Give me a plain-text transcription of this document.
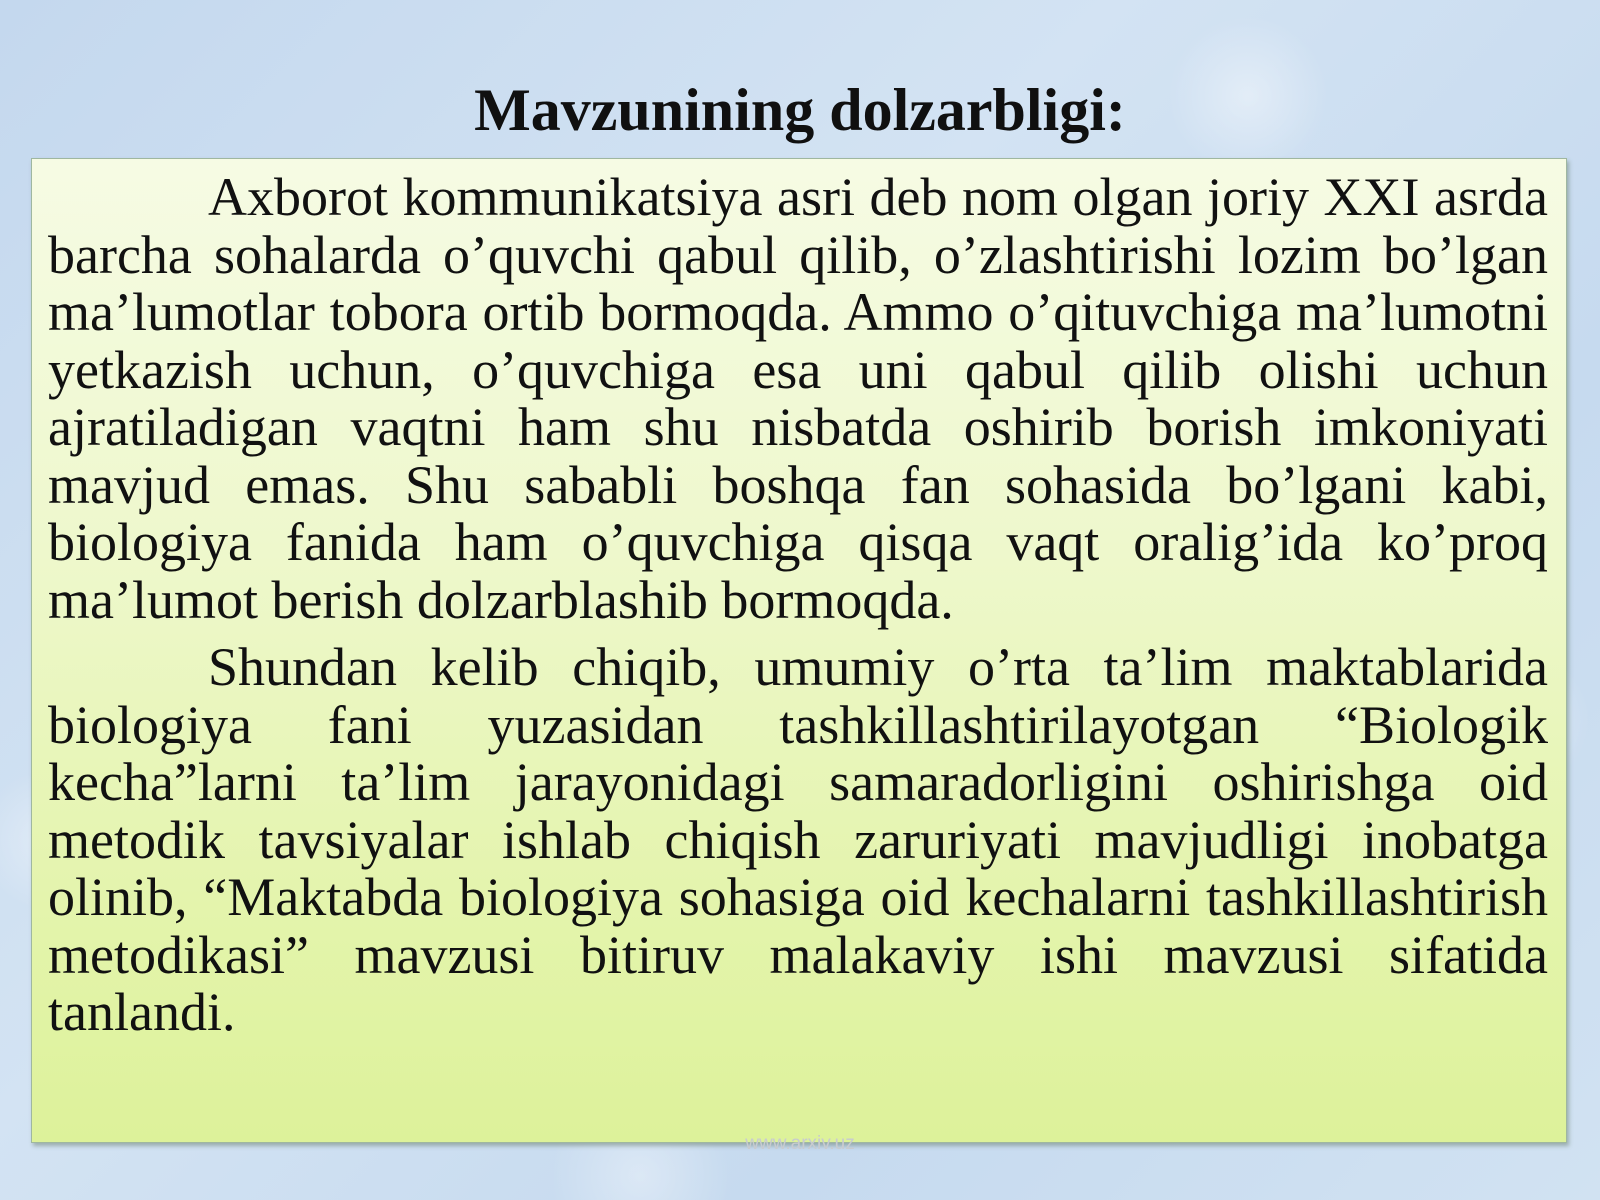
Mavzunining dolzarbligi:

Axborot kommunikatsiya asri deb nom olgan joriy XXI asrda barcha sohalarda o’quvchi qabul qilib, o’zlashtirishi lozim bo’lgan ma’lumotlar tobora ortib bormoqda. Ammo o’qituvchiga ma’lumotni yetkazish uchun, o’quvchiga esa uni qabul qilib olishi uchun ajratiladigan vaqtni ham shu nisbatda oshirib borish imkoniyati mavjud emas. Shu sababli boshqa fan sohasida bo’lgani kabi, biologiya fanida ham o’quvchiga qisqa vaqt oralig’ida ko’proq ma’lumot berish dolzarblashib bormoqda.

Shundan kelib chiqib, umumiy o’rta ta’lim maktablarida biologiya fani yuzasidan tashkillashtirilayotgan “Biologik kecha”larni ta’lim jarayonidagi samaradorligini oshirishga oid metodik tavsiyalar ishlab chiqish zaruriyati mavjudligi inobatga olinib, “Maktabda biologiya sohasiga oid kechalarni tashkillashtirish metodikasi” mavzusi bitiruv malakaviy ishi mavzusi sifatida tanlandi.

www.arxiv.uz
